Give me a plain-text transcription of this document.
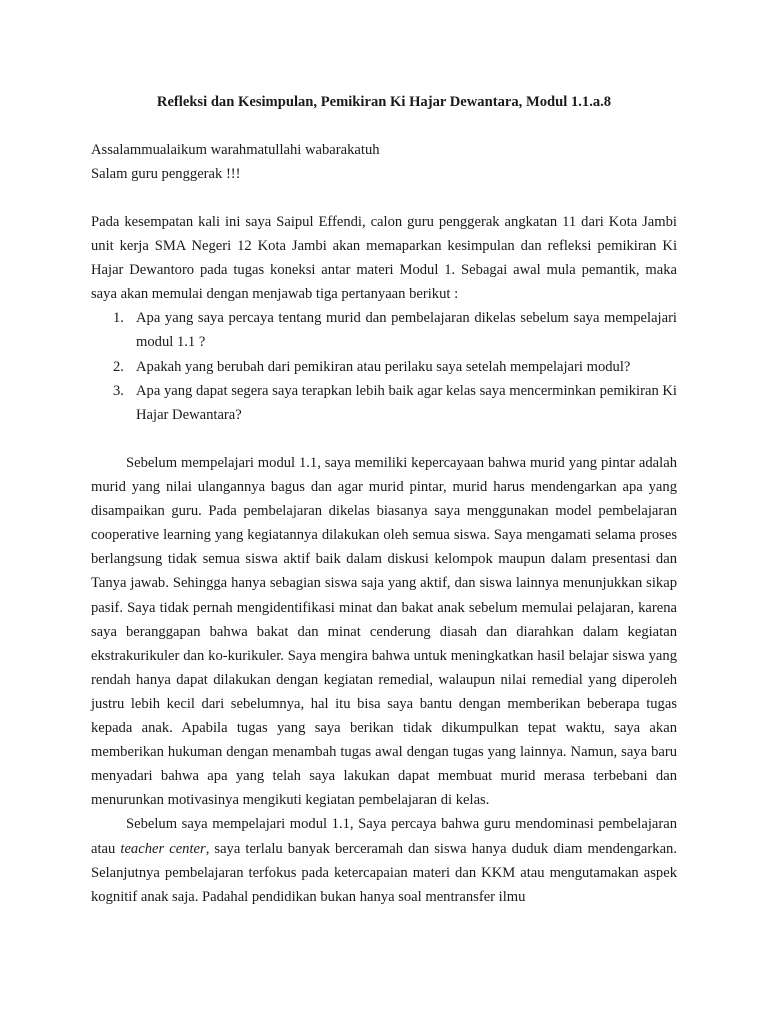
Refleksi dan Kesimpulan, Pemikiran Ki Hajar Dewantara, Modul 1.1.a.8
Assalammualaikum warahmatullahi wabarakatuh
Salam guru penggerak !!!

Pada kesempatan kali ini saya Saipul Effendi, calon guru penggerak angkatan 11 dari Kota Jambi unit kerja SMA Negeri 12 Kota Jambi akan memaparkan kesimpulan dan refleksi pemikiran Ki Hajar Dewantoro pada tugas koneksi antar materi Modul 1. Sebagai awal mula pemantik, maka saya akan memulai dengan menjawab tiga pertanyaan berikut :

1. Apa yang saya percaya tentang murid dan pembelajaran dikelas sebelum saya mempelajari modul 1.1 ?
2. Apakah yang berubah dari pemikiran atau perilaku saya setelah mempelajari modul?
3. Apa yang dapat segera saya terapkan lebih baik agar kelas saya mencerminkan pemikiran Ki Hajar Dewantara?

Sebelum mempelajari modul 1.1, saya memiliki kepercayaan bahwa murid yang pintar adalah murid yang nilai ulangannya bagus dan agar murid pintar, murid harus mendengarkan apa yang disampaikan guru. Pada pembelajaran dikelas biasanya saya menggunakan model pembelajaran cooperative learning yang kegiatannya dilakukan oleh semua siswa. Saya mengamati selama proses berlangsung tidak semua siswa aktif baik dalam diskusi kelompok maupun dalam presentasi dan Tanya jawab. Sehingga hanya sebagian siswa saja yang aktif, dan siswa lainnya menunjukkan sikap pasif. Saya tidak pernah mengidentifikasi minat dan bakat anak sebelum memulai pelajaran, karena saya beranggapan bahwa bakat dan minat cenderung diasah dan diarahkan dalam kegiatan ekstrakurikuler dan ko-kurikuler. Saya mengira bahwa untuk meningkatkan hasil belajar siswa yang rendah hanya dapat dilakukan dengan kegiatan remedial, walaupun nilai remedial yang diperoleh justru lebih kecil dari sebelumnya, hal itu bisa saya bantu dengan memberikan beberapa tugas kepada anak. Apabila tugas yang saya berikan tidak dikumpulkan tepat waktu, saya akan memberikan hukuman dengan menambah tugas awal dengan tugas yang lainnya. Namun, saya baru menyadari bahwa apa yang telah saya lakukan dapat membuat murid merasa terbebani dan menurunkan motivasinya mengikuti kegiatan pembelajaran di kelas.

Sebelum saya mempelajari modul 1.1, Saya percaya bahwa guru mendominasi pembelajaran atau teacher center, saya terlalu banyak berceramah dan siswa hanya duduk diam mendengarkan. Selanjutnya pembelajaran terfokus pada ketercapaian materi dan KKM atau mengutamakan aspek kognitif anak saja. Padahal pendidikan bukan hanya soal mentransfer ilmu
